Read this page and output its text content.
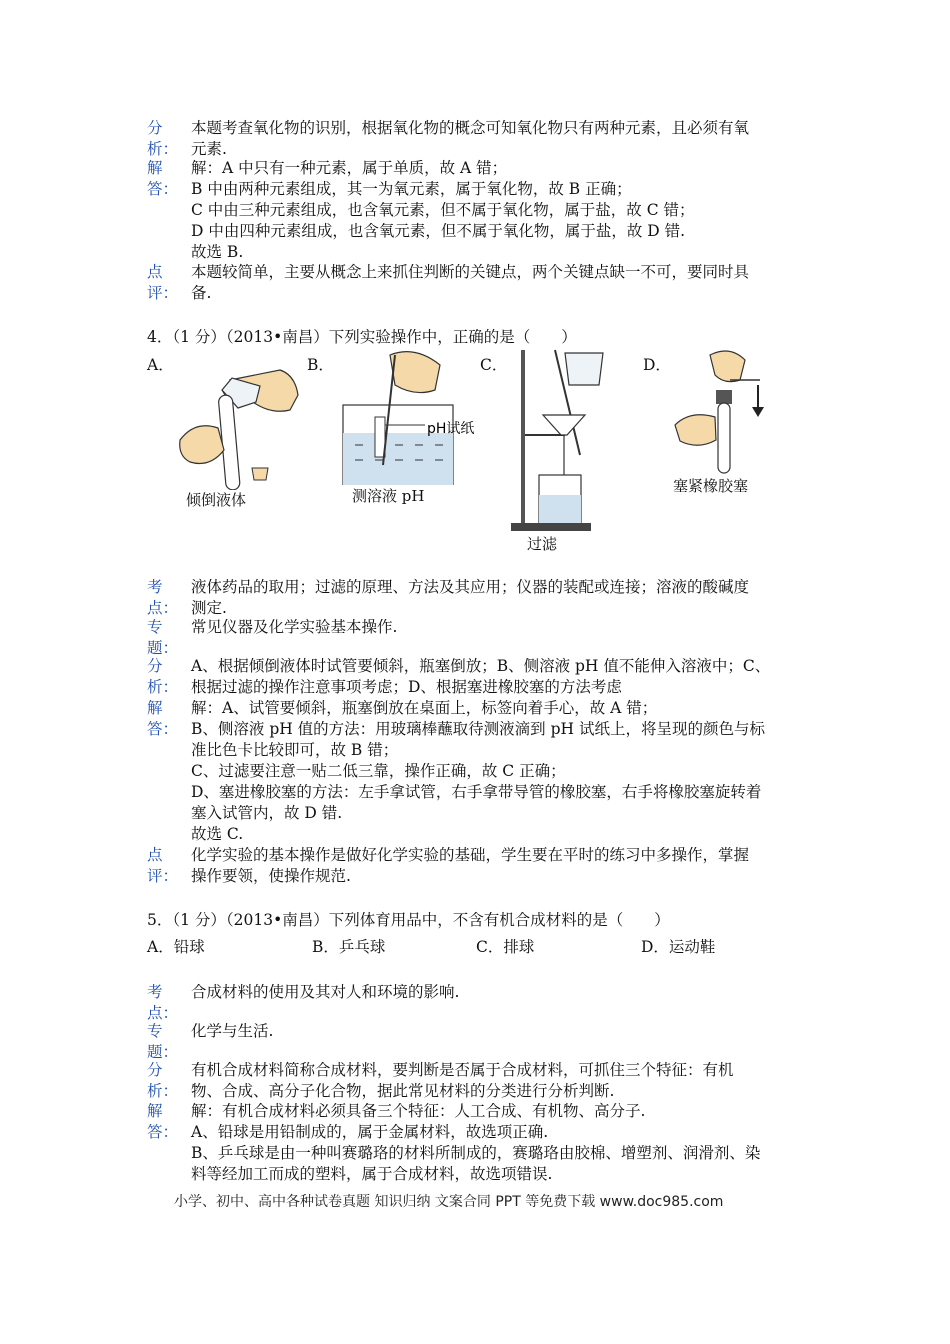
分析：
本题考查氧化物的识别，根据氧化物的概念可知氧化物只有两种元素，且必须有氧
元素.
解答：
解：A 中只有一种元素，属于单质，故 A 错；
B 中由两种元素组成，其一为氧元素，属于氧化物，故 B 正确；
C 中由三种元素组成，也含氧元素，但不属于氧化物，属于盐，故 C 错；
D 中由四种元素组成，也含氧元素，但不属于氧化物，属于盐，故 D 错.
故选 B.
点评：
本题较简单，主要从概念上来抓住判断的关键点，两个关键点缺一不可，要同时具
备.
4．（1 分）（2013•南昌）下列实验操作中，正确的是（　　）
A．	B．	C．	D．
倾倒液体
pH试纸
测溶液 pH
过滤
塞紧橡胶塞
考点：
液体药品的取用；过滤的原理、方法及其应用；仪器的装配或连接；溶液的酸碱度
测定.
专题：
常见仪器及化学实验基本操作.
分析：
A、根据倾倒液体时试管要倾斜，瓶塞倒放；B、侧溶液 pH 值不能伸入溶液中；C、
根据过滤的操作注意事项考虑；D、根据塞进橡胶塞的方法考虑
解答：
解：A、试管要倾斜，瓶塞倒放在桌面上，标签向着手心，故 A 错；
B、侧溶液 pH 值的方法：用玻璃棒蘸取待测液滴到 pH 试纸上，将呈现的颜色与标
准比色卡比较即可，故 B 错；
C、过滤要注意一贴二低三靠，操作正确，故 C 正确；
D、塞进橡胶塞的方法：左手拿试管，右手拿带导管的橡胶塞，右手将橡胶塞旋转着
塞入试管内，故 D 错.
故选 C.
点评：
化学实验的基本操作是做好化学实验的基础，学生要在平时的练习中多操作，掌握
操作要领，使操作规范.
5．（1 分）（2013•南昌）下列体育用品中，不含有机合成材料的是（　　）
A．铅球	B．乒乓球	C．排球	D．运动鞋
考点：
合成材料的使用及其对人和环境的影响.
专题：
化学与生活.
分析：
有机合成材料简称合成材料，要判断是否属于合成材料，可抓住三个特征：有机
物、合成、高分子化合物，据此常见材料的分类进行分析判断.
解答：
解：有机合成材料必须具备三个特征：人工合成、有机物、高分子.
A、铅球是用铅制成的，属于金属材料，故选项正确.
B、乒乓球是由一种叫赛璐珞的材料所制成的，赛璐珞由胶棉、增塑剂、润滑剂、染
料等经加工而成的塑料，属于合成材料，故选项错误.
小学、初中、高中各种试卷真题 知识归纳 文案合同 PPT 等免费下载 www.doc985.com
